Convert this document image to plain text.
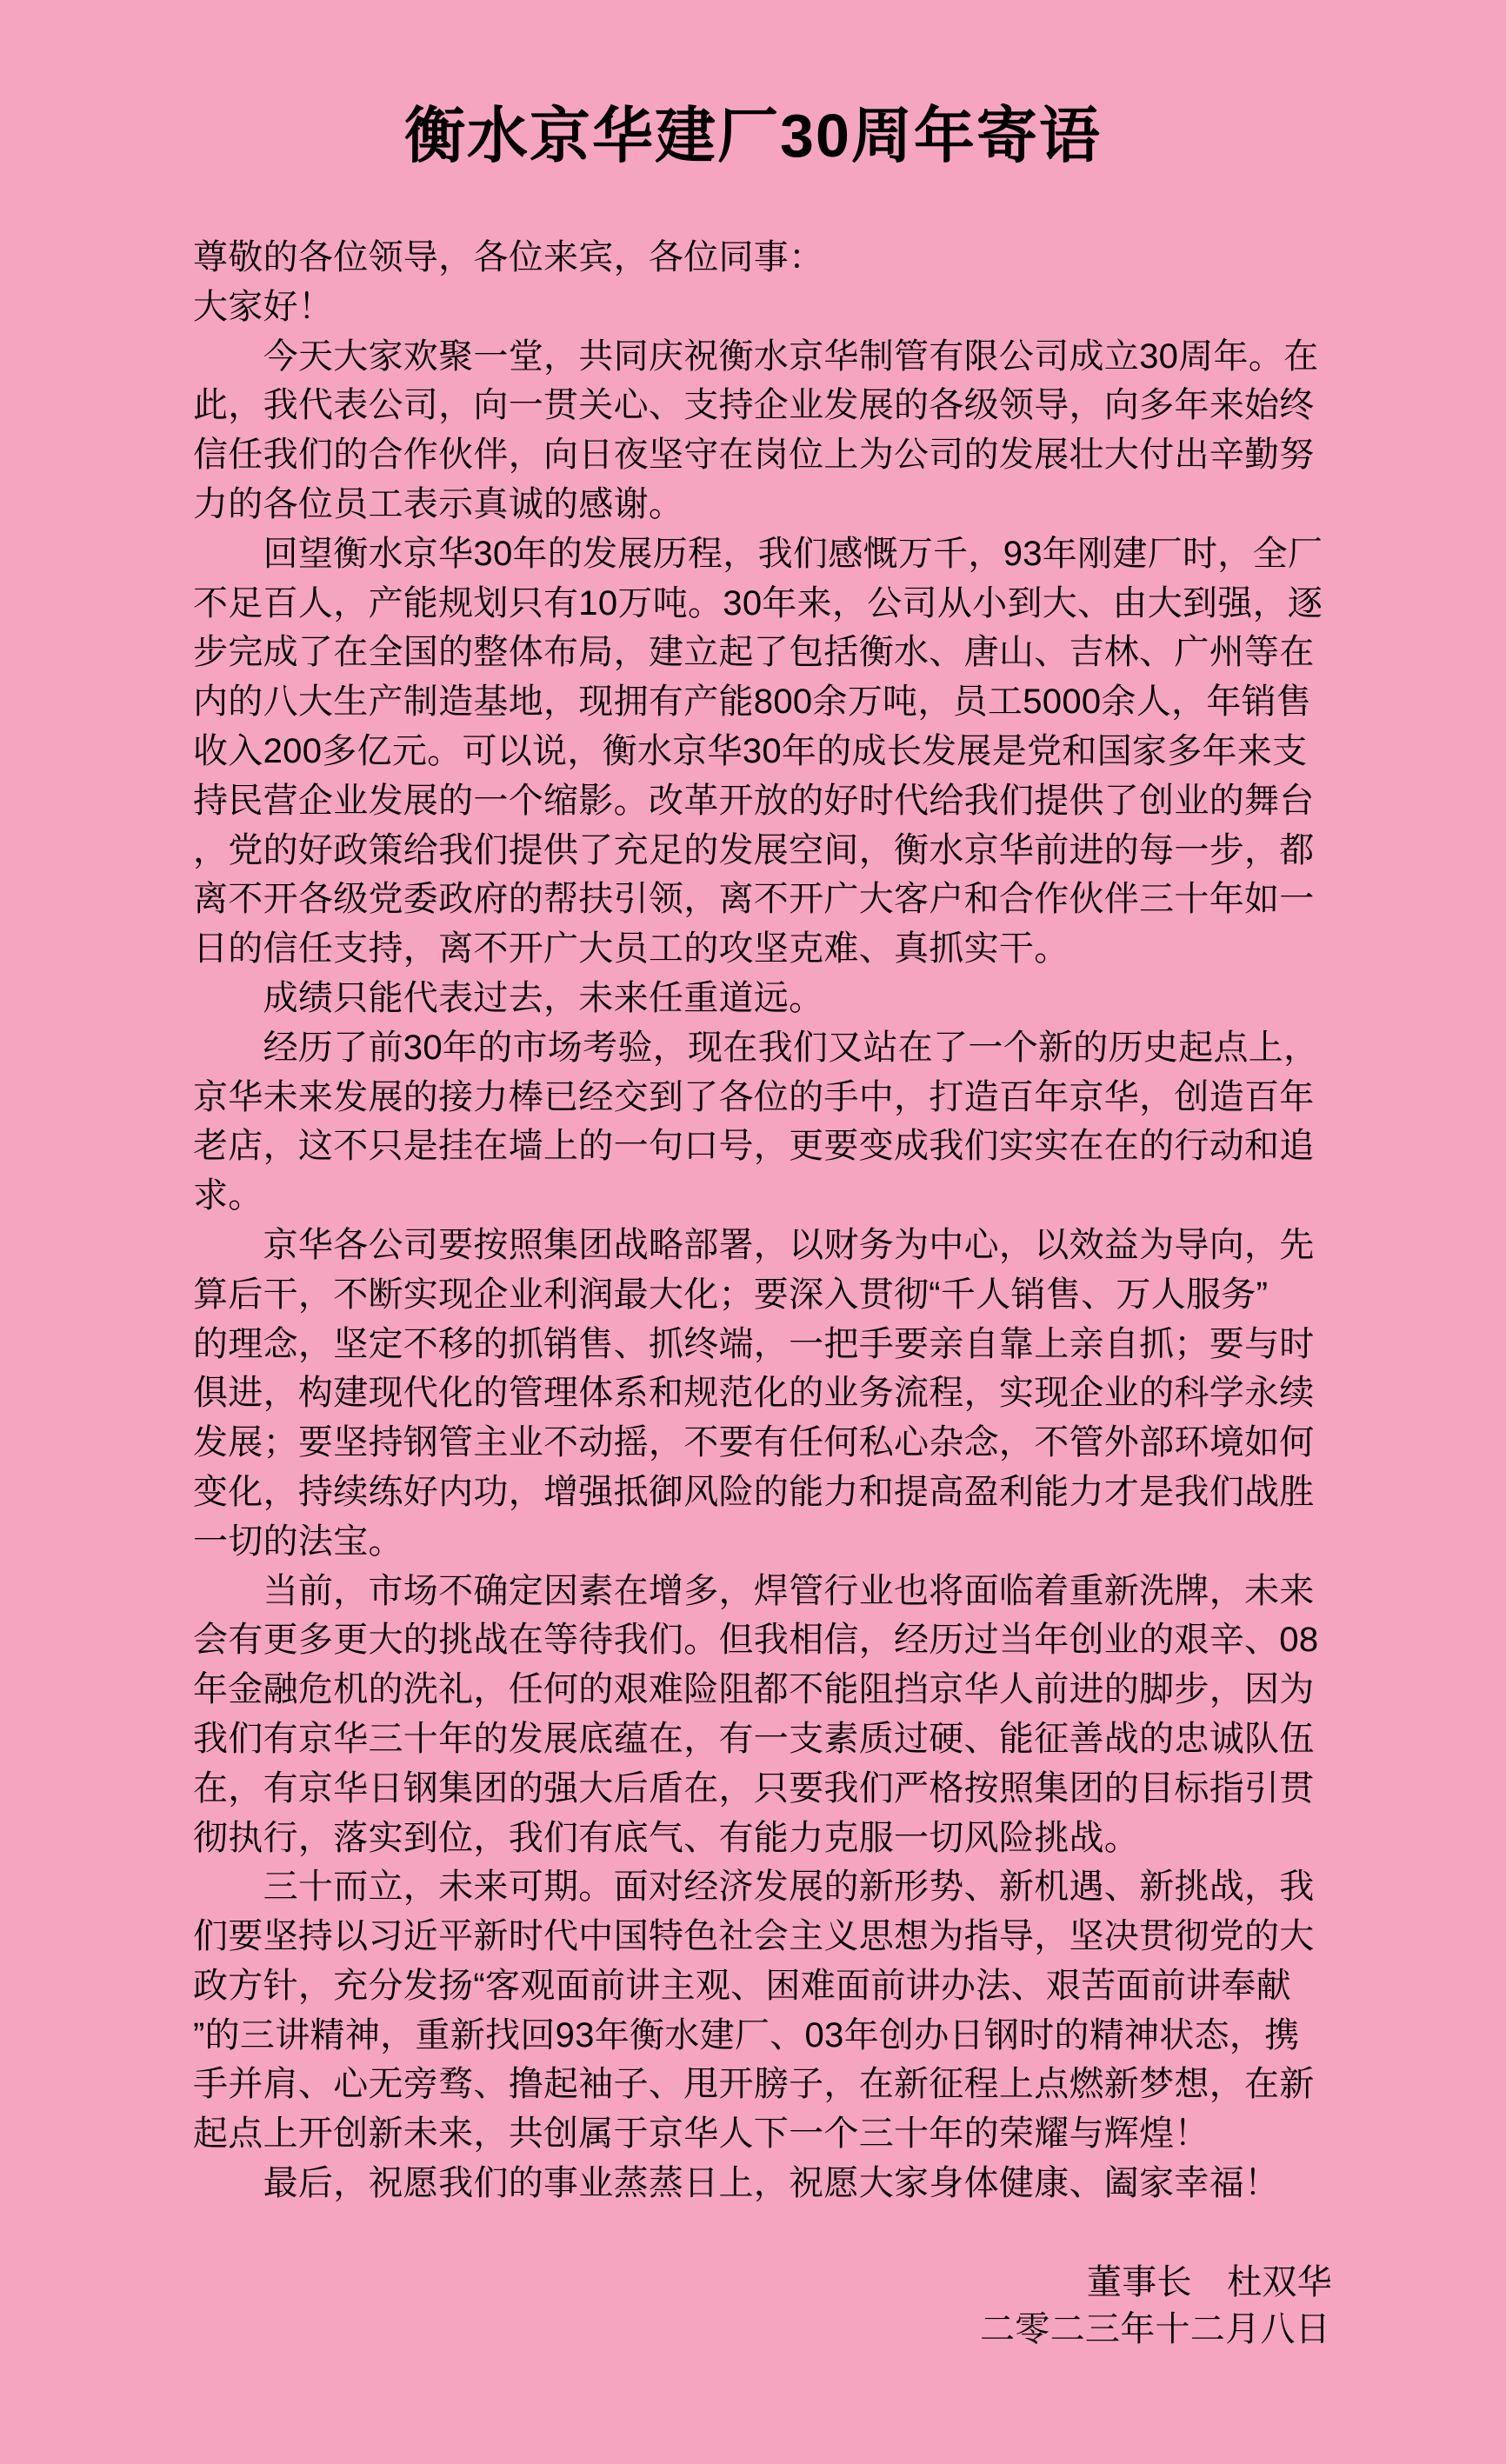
衡水京华建厂30周年寄语
尊敬的各位领导，各位来宾，各位同事：
大家好！
　　今天大家欢聚一堂，共同庆祝衡水京华制管有限公司成立30周年。在
此，我代表公司，向一贯关心、支持企业发展的各级领导，向多年来始终
信任我们的合作伙伴，向日夜坚守在岗位上为公司的发展壮大付出辛勤努
力的各位员工表示真诚的感谢。
　　回望衡水京华30年的发展历程，我们感慨万千，93年刚建厂时，全厂
不足百人，产能规划只有10万吨。30年来，公司从小到大、由大到强，逐
步完成了在全国的整体布局，建立起了包括衡水、唐山、吉林、广州等在
内的八大生产制造基地，现拥有产能800余万吨，员工5000余人，年销售
收入200多亿元。可以说，衡水京华30年的成长发展是党和国家多年来支
持民营企业发展的一个缩影。改革开放的好时代给我们提供了创业的舞台
，党的好政策给我们提供了充足的发展空间，衡水京华前进的每一步，都
离不开各级党委政府的帮扶引领，离不开广大客户和合作伙伴三十年如一
日的信任支持，离不开广大员工的攻坚克难、真抓实干。
　　成绩只能代表过去，未来任重道远。
　　经历了前30年的市场考验，现在我们又站在了一个新的历史起点上，
京华未来发展的接力棒已经交到了各位的手中，打造百年京华，创造百年
老店，这不只是挂在墙上的一句口号，更要变成我们实实在在的行动和追
求。
　　京华各公司要按照集团战略部署，以财务为中心，以效益为导向，先
算后干，不断实现企业利润最大化；要深入贯彻“千人销售、万人服务”
的理念，坚定不移的抓销售、抓终端，一把手要亲自靠上亲自抓；要与时
俱进，构建现代化的管理体系和规范化的业务流程，实现企业的科学永续
发展；要坚持钢管主业不动摇，不要有任何私心杂念，不管外部环境如何
变化，持续练好内功，增强抵御风险的能力和提高盈利能力才是我们战胜
一切的法宝。
　　当前，市场不确定因素在增多，焊管行业也将面临着重新洗牌，未来
会有更多更大的挑战在等待我们。但我相信，经历过当年创业的艰辛、08
年金融危机的洗礼，任何的艰难险阻都不能阻挡京华人前进的脚步，因为
我们有京华三十年的发展底蕴在，有一支素质过硬、能征善战的忠诚队伍
在，有京华日钢集团的强大后盾在，只要我们严格按照集团的目标指引贯
彻执行，落实到位，我们有底气、有能力克服一切风险挑战。
　　三十而立，未来可期。面对经济发展的新形势、新机遇、新挑战，我
们要坚持以习近平新时代中国特色社会主义思想为指导，坚决贯彻党的大
政方针，充分发扬“客观面前讲主观、困难面前讲办法、艰苦面前讲奉献
”的三讲精神，重新找回93年衡水建厂、03年创办日钢时的精神状态，携
手并肩、心无旁骛、撸起袖子、甩开膀子，在新征程上点燃新梦想，在新
起点上开创新未来，共创属于京华人下一个三十年的荣耀与辉煌！
　　最后，祝愿我们的事业蒸蒸日上，祝愿大家身体健康、阖家幸福！
董事长　杜双华
二零二三年十二月八日
